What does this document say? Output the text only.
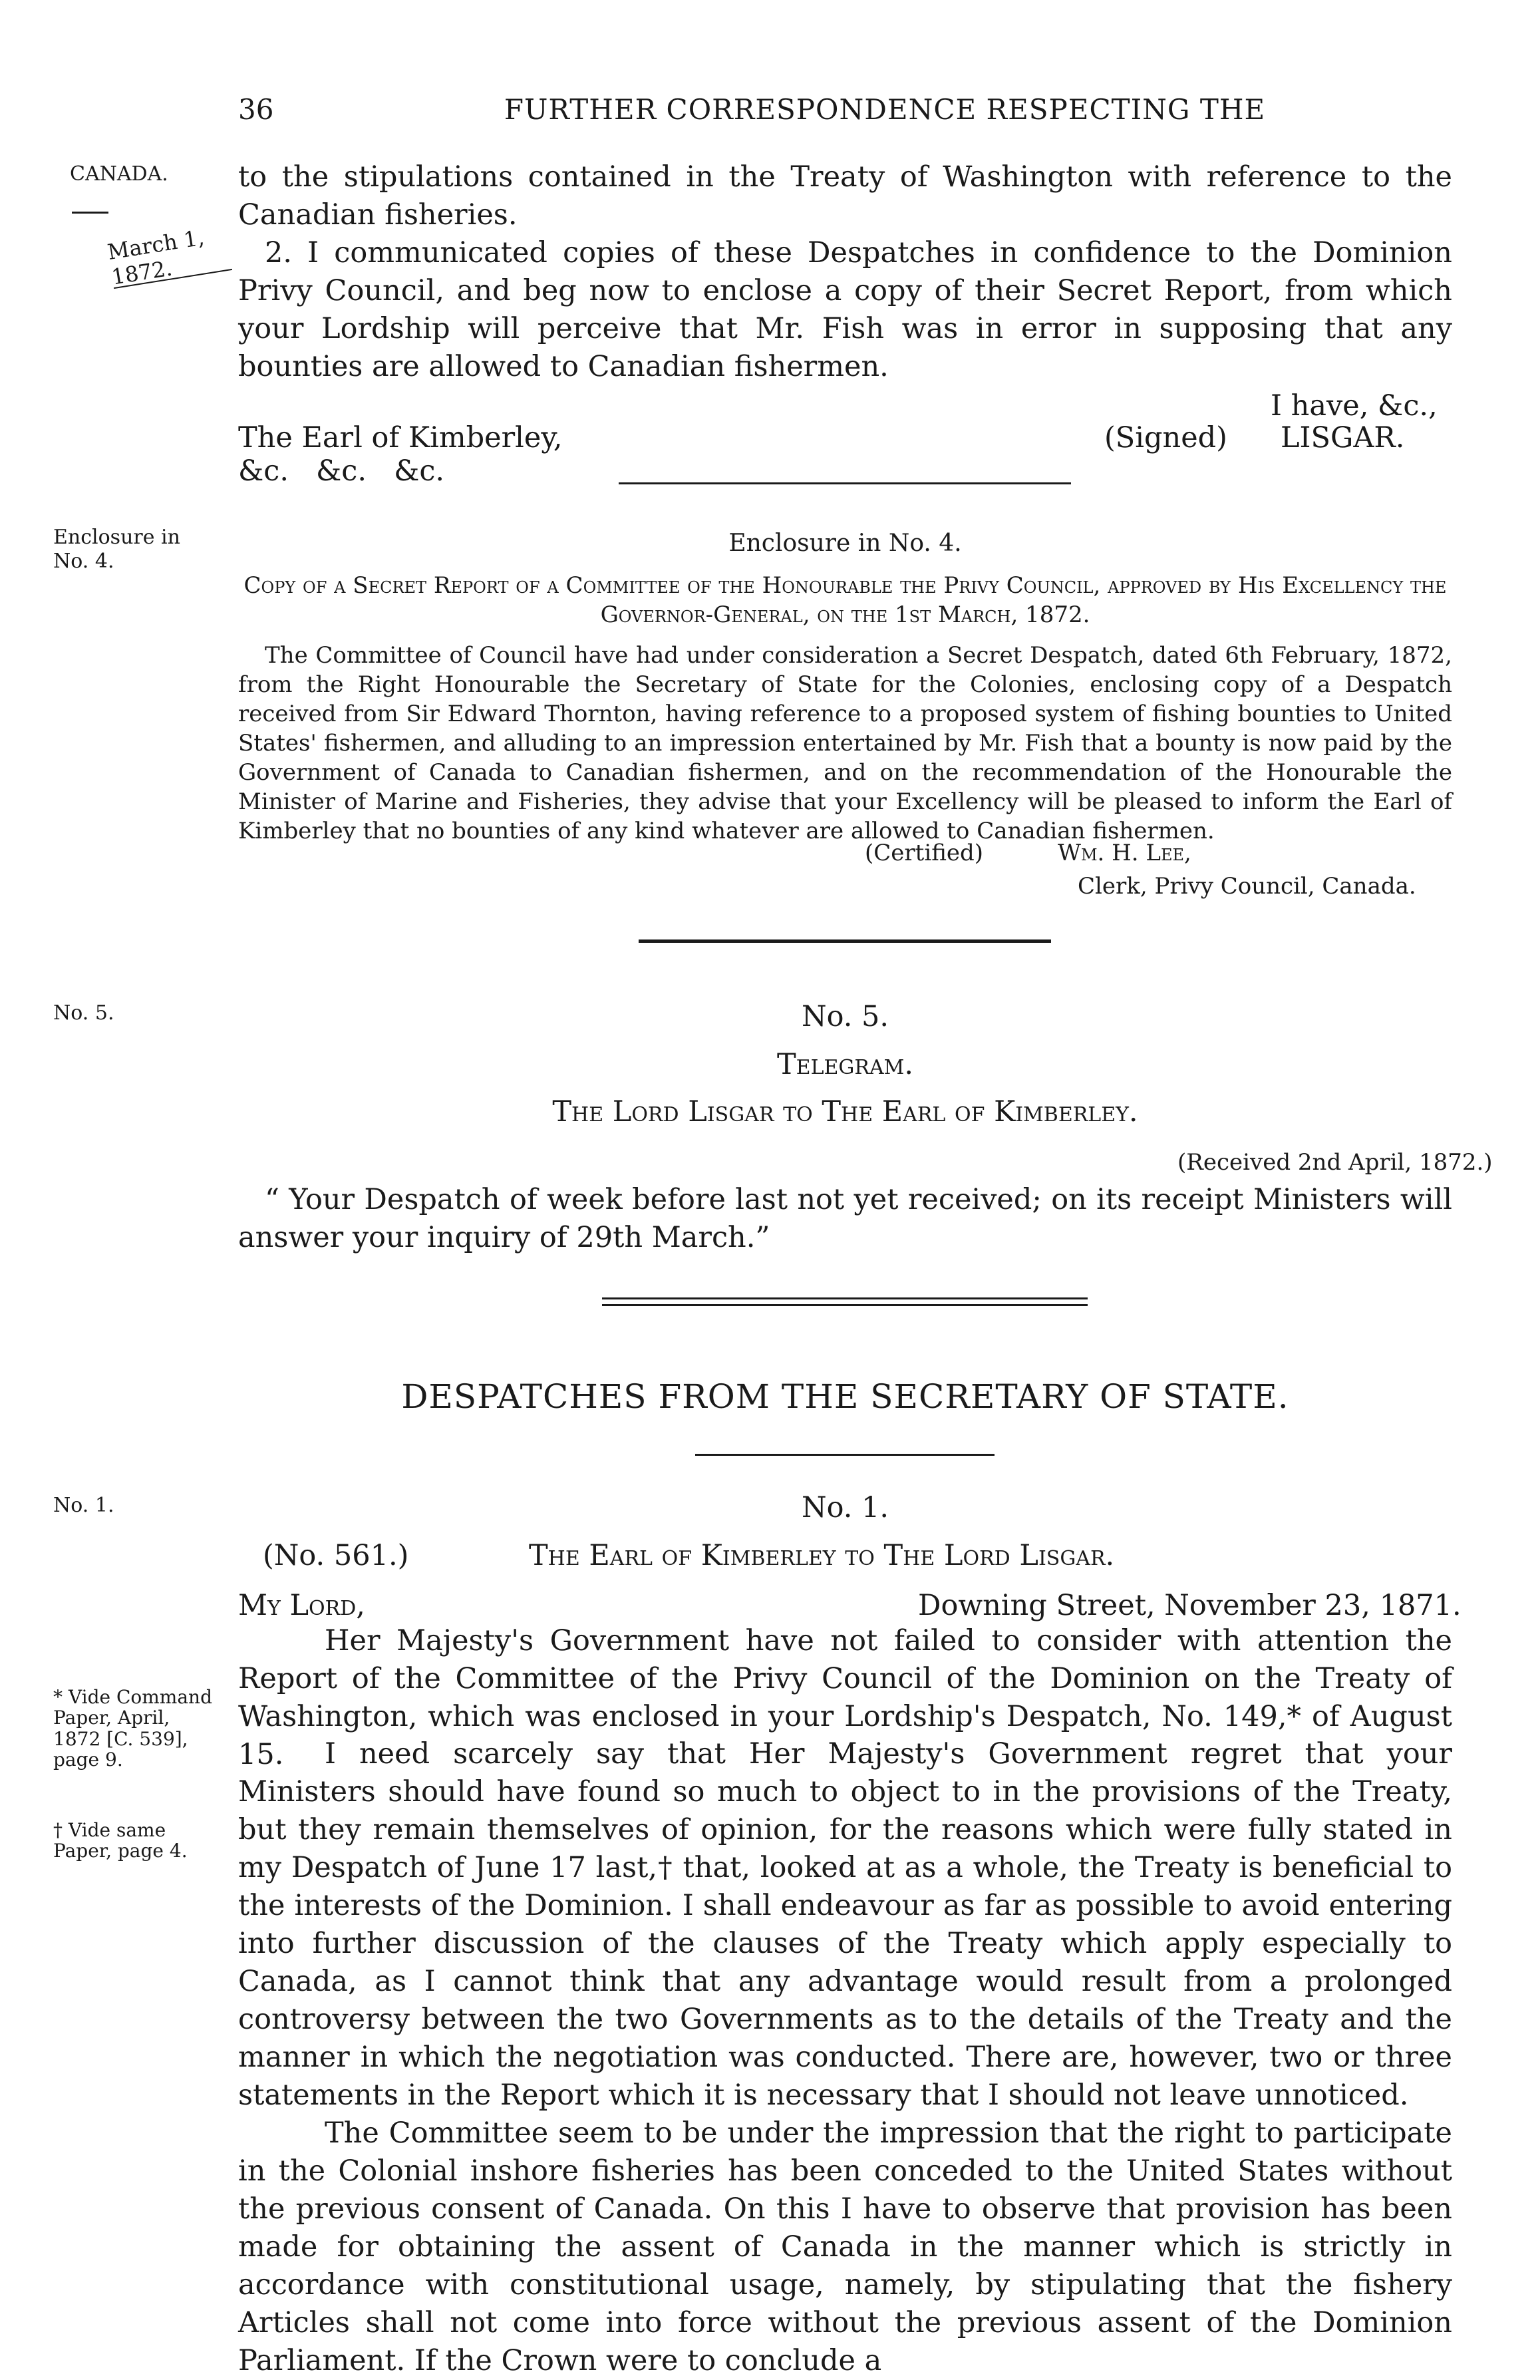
36	FURTHER CORRESPONDENCE RESPECTING THE
CANADA.
March 1, 1872.
Enclosure in No. 4.
No. 5.
No. 1.
* Vide Command Paper, April, 1872 [C. 539], page 9.
† Vide same Paper, page 4.
to the stipulations contained in the Treaty of Washington with reference to the Canadian fisheries.
2. I communicated copies of these Despatches in confidence to the Dominion Privy Council, and beg now to enclose a copy of their Secret Report, from which your Lordship will perceive that Mr. Fish was in error in supposing that any bounties are allowed to Canadian fishermen.
I have, &c.,
The Earl of Kimberley,	(Signed) LISGAR.
&c.   &c.   &c.
Enclosure in No. 4.
Copy of a Secret Report of a Committee of the Honourable the Privy Council, approved by His Excellency the Governor-General, on the 1st March, 1872.
The Committee of Council have had under consideration a Secret Despatch, dated 6th February, 1872, from the Right Honourable the Secretary of State for the Colonies, enclosing copy of a Despatch received from Sir Edward Thornton, having reference to a proposed system of fishing bounties to United States' fishermen, and alluding to an impression entertained by Mr. Fish that a bounty is now paid by the Government of Canada to Canadian fishermen, and on the recommendation of the Honourable the Minister of Marine and Fisheries, they advise that your Excellency will be pleased to inform the Earl of Kimberley that no bounties of any kind whatever are allowed to Canadian fishermen.
(Certified)	Wm. H. Lee,
Clerk, Privy Council, Canada.
No. 5.
Telegram.
The Lord Lisgar to The Earl of Kimberley.
(Received 2nd April, 1872.)
“ Your Despatch of week before last not yet received; on its receipt Ministers will answer your inquiry of 29th March.”
DESPATCHES FROM THE SECRETARY OF STATE.
No. 1.
(No. 561.)	The Earl of Kimberley to The Lord Lisgar.
My Lord,	Downing Street, November 23, 1871.
Her Majesty's Government have not failed to consider with attention the Report of the Committee of the Privy Council of the Dominion on the Treaty of Washington, which was enclosed in your Lordship's Despatch, No. 149,* of August 15.	I need scarcely say that Her Majesty's Government regret that your Ministers should have found so much to object to in the provisions of the Treaty, but they remain themselves of opinion, for the reasons which were fully stated in my Despatch of June 17 last,† that, looked at as a whole, the Treaty is beneficial to the interests of the Dominion. I shall endeavour as far as possible to avoid entering into further discussion of the clauses of the Treaty which apply especially to Canada, as I cannot think that any advantage would result from a prolonged controversy between the two Governments as to the details of the Treaty and the manner in which the negotiation was conducted. There are, however, two or three statements in the Report which it is necessary that I should not leave unnoticed.
The Committee seem to be under the impression that the right to participate in the Colonial inshore fisheries has been conceded to the United States without the previous consent of Canada. On this I have to observe that provision has been made for obtaining the assent of Canada in the manner which is strictly in accordance with constitutional usage, namely, by stipulating that the fishery Articles shall not come into force without the previous assent of the Dominion Parliament. If the Crown were to conclude a
